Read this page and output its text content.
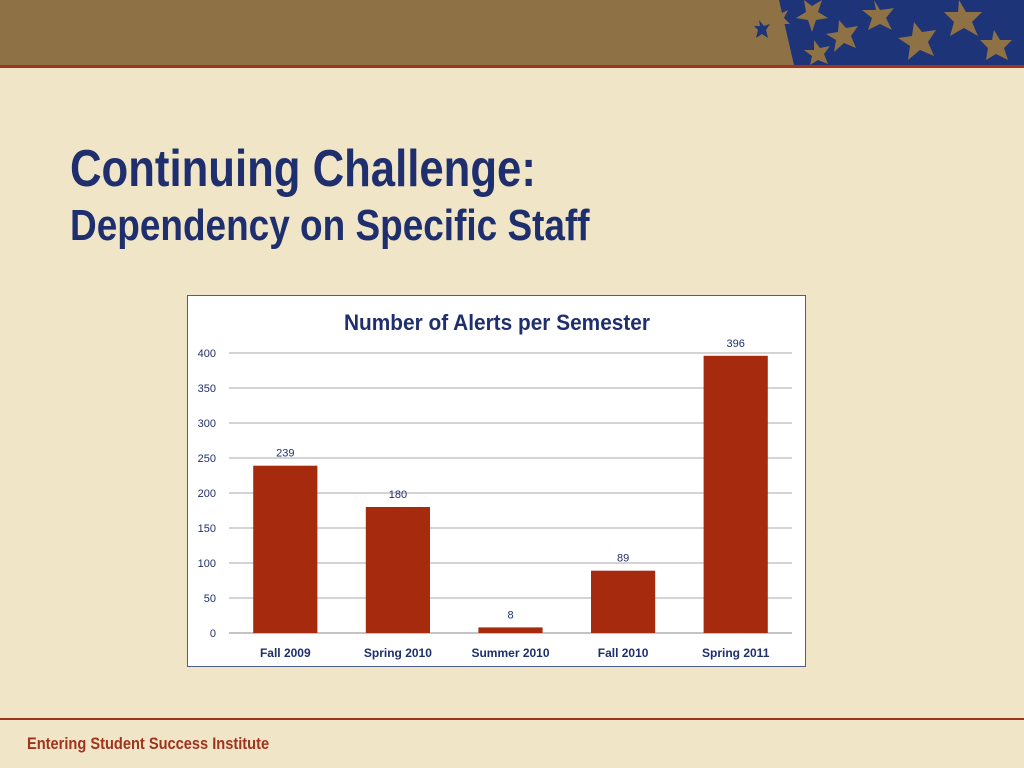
Continuing Challenge:
Dependency on Specific Staff
Number of Alerts per Semester
0
50
100
150
200
250
300
350
400
239
180
8
89
396
Fall 2009	Spring 2010	Summer 2010	Fall 2010	Spring 2011
Entering Student Success Institute
